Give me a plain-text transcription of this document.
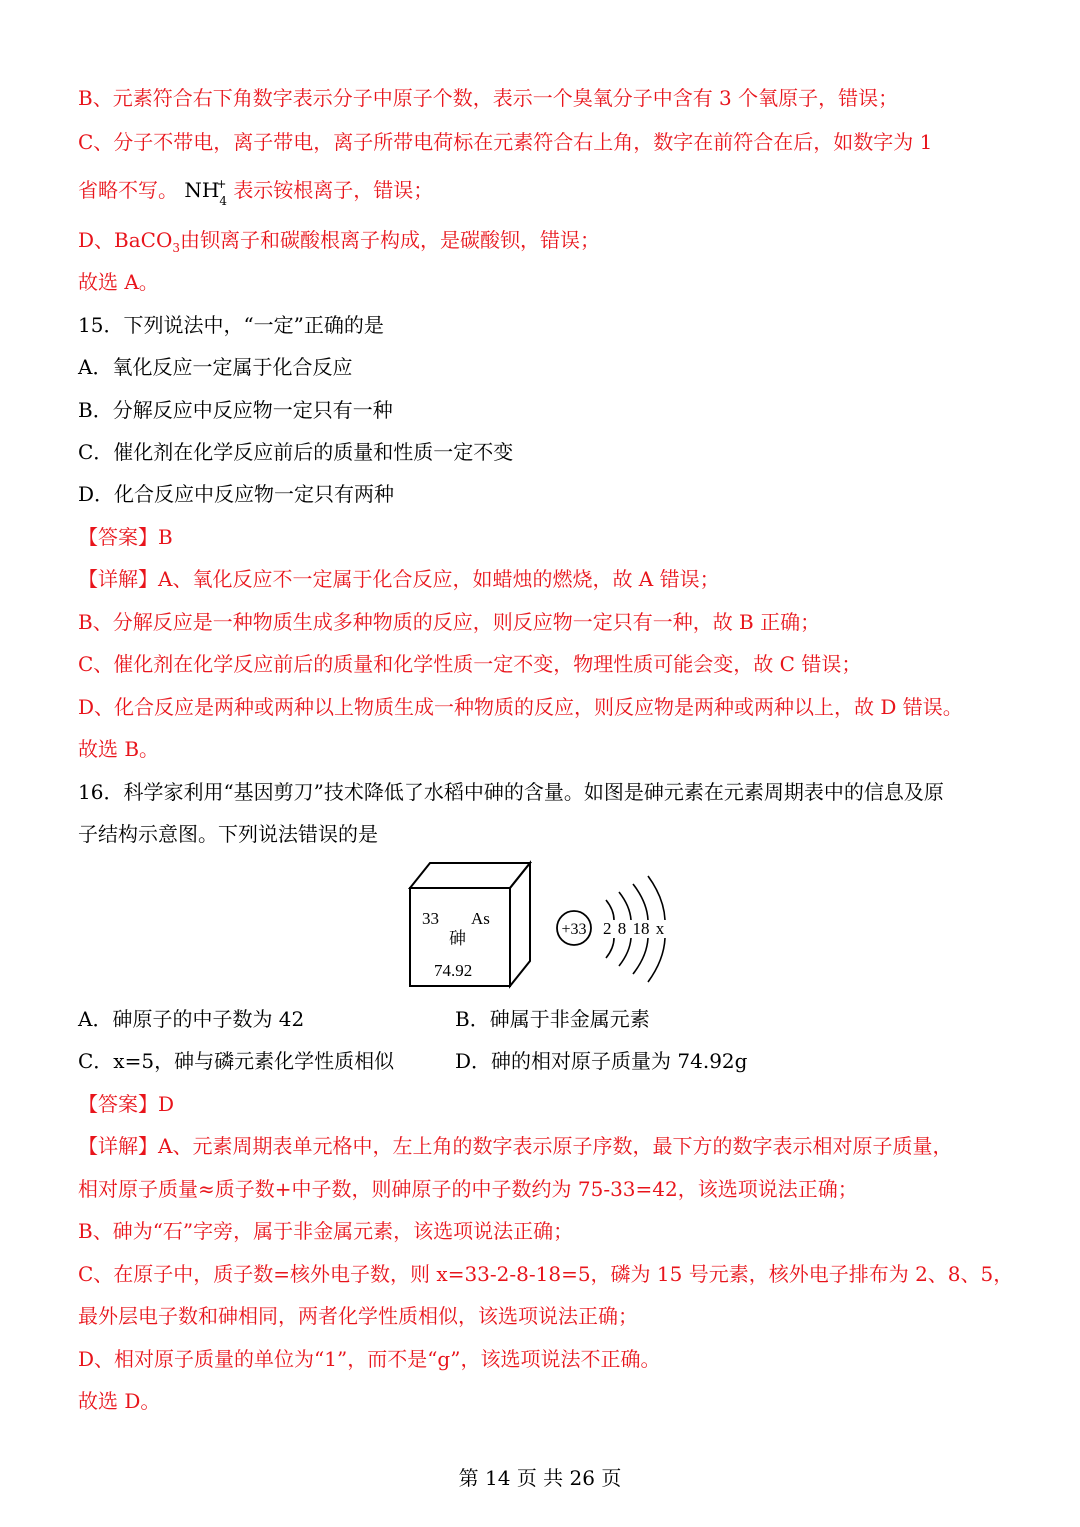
B、元素符合右下角数字表示分子中原子个数，表示一个臭氧分子中含有 3 个氧原子，错误；
C、分子不带电，离子带电，离子所带电荷标在元素符合右上角，数字在前符合在后，如数字为 1
省略不写。 NH
+
$_4$ 表示铵根离子，错误；
D、BaCO$_3$由钡离子和碳酸根离子构成，是碳酸钡，错误；
故选 A。
15．下列说法中，“一定”正确的是
A．氧化反应一定属于化合反应
B．分解反应中反应物一定只有一种
C．催化剂在化学反应前后的质量和性质一定不变
D．化合反应中反应物一定只有两种
【答案】B
【详解】A、氧化反应不一定属于化合反应，如蜡烛的燃烧，故 A 错误；
B、分解反应是一种物质生成多种物质的反应，则反应物一定只有一种，故 B 正确；
C、催化剂在化学反应前后的质量和化学性质一定不变，物理性质可能会变，故 C 错误；
D、化合反应是两种或两种以上物质生成一种物质的反应，则反应物是两种或两种以上，故 D 错误。
故选 B。
16．科学家利用“基因剪刀”技术降低了水稻中砷的含量。如图是砷元素在元素周期表中的信息及原
子结构示意图。下列说法错误的是
33 As
砷
74.92
+33 2 8 18 x
A．砷原子的中子数为 42	B．砷属于非金属元素
C．x=5，砷与磷元素化学性质相似	D．砷的相对原子质量为 74.92g
【答案】D
【详解】A、元素周期表单元格中，左上角的数字表示原子序数，最下方的数字表示相对原子质量，
相对原子质量≈质子数+中子数，则砷原子的中子数约为 75-33=42，该选项说法正确；
B、砷为“石”字旁，属于非金属元素，该选项说法正确；
C、在原子中，质子数=核外电子数，则 x=33-2-8-18=5，磷为 15 号元素，核外电子排布为 2、8、5，
最外层电子数和砷相同，两者化学性质相似，该选项说法正确；
D、相对原子质量的单位为“1”，而不是“g”，该选项说法不正确。
故选 D。
第 14 页 共 26 页
